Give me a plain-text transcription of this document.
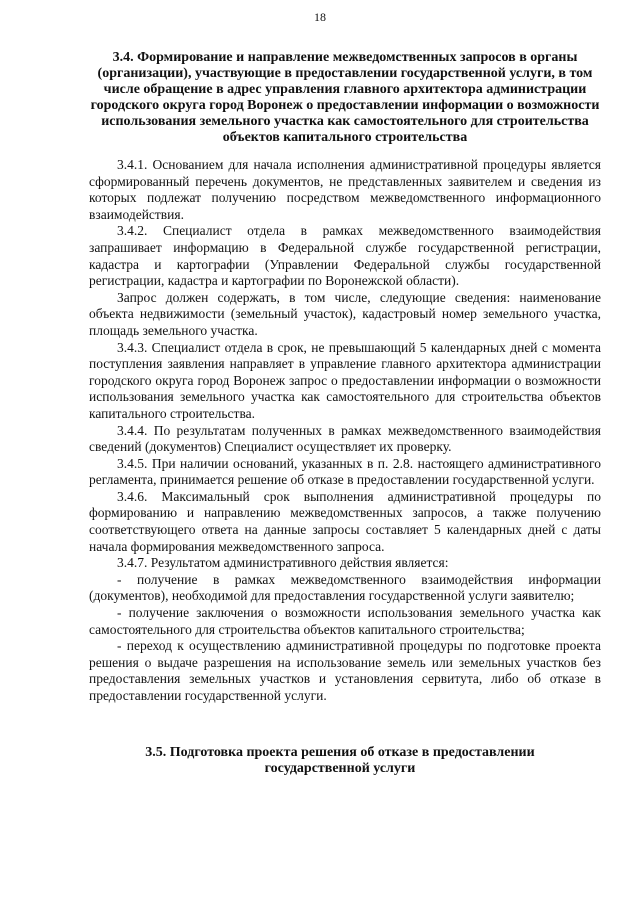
18
3.4. Формирование и направление межведомственных запросов в органы (организации), участвующие в предоставлении государственной услуги, в том числе обращение в адрес управления главного архитектора администрации городского округа город Воронеж о предоставлении информации о возможности использования земельного участка как самостоятельного для строительства объектов капитального строительства

3.4.1. Основанием для начала исполнения административной процедуры является сформированный перечень документов, не представленных заявителем и сведения из которых подлежат получению посредством межведомственного информационного взаимодействия.

3.4.2. Специалист отдела в рамках межведомственного взаимодействия запрашивает информацию в Федеральной службе государственной регистрации, кадастра и картографии (Управлении Федеральной службы государственной регистрации, кадастра и картографии по Воронежской области).

Запрос должен содержать, в том числе, следующие сведения: наименование объекта недвижимости (земельный участок), кадастровый номер земельного участка, площадь земельного участка.

3.4.3. Специалист отдела в срок, не превышающий 5 календарных дней с момента поступления заявления направляет в управление главного архитектора администрации городского округа город Воронеж запрос о предоставлении информации о возможности использования земельного участка как самостоятельного для строительства объектов капитального строительства.

3.4.4. По результатам полученных в рамках межведомственного взаимодействия сведений (документов) Специалист осуществляет их проверку.

3.4.5. При наличии оснований, указанных в п. 2.8. настоящего административного регламента, принимается решение об отказе в предоставлении государственной услуги.

3.4.6. Максимальный срок выполнения административной процедуры по формированию и направлению межведомственных запросов, а также получению соответствующего ответа на данные запросы составляет 5 календарных дней с даты начала формирования межведомственного запроса.

3.4.7. Результатом административного действия является:

- получение в рамках межведомственного взаимодействия информации (документов), необходимой для предоставления государственной услуги заявителю;

- получение заключения о возможности использования земельного участка как самостоятельного для строительства объектов капитального строительства;

- переход к осуществлению административной процедуры по подготовке проекта решения о выдаче разрешения на использование земель или земельных участков без предоставления земельных участков и установления сервитута, либо об отказе в предоставлении государственной услуги.

3.5. Подготовка проекта решения об отказе в предоставлении государственной услуги
